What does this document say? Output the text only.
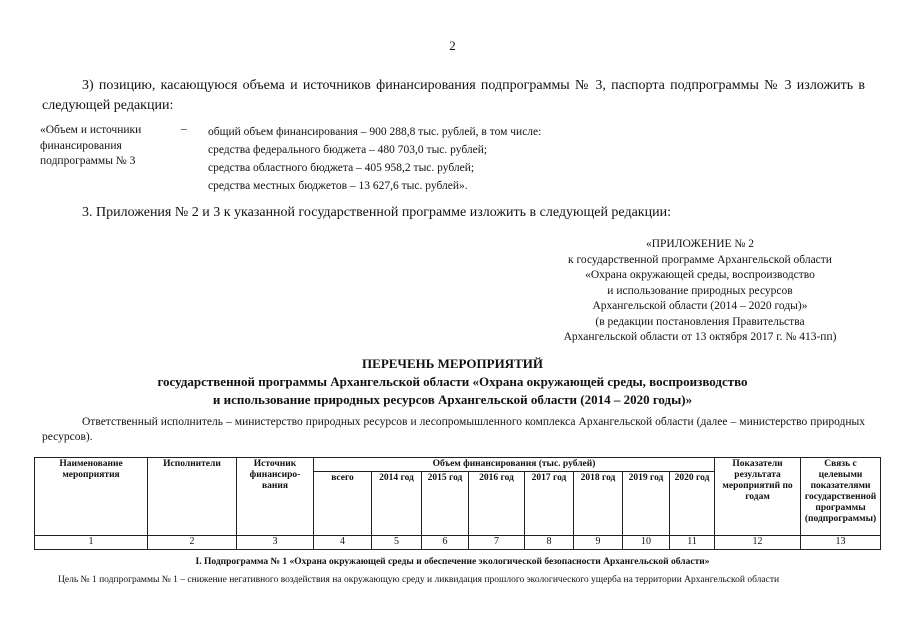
2
3) позицию, касающуюся объема и источников финансирования подпрограммы № 3, паспорта подпрограммы № 3 изложить в следующей редакции:
«Объем и источники
финансирования
подпрограммы № 3
– общий объем финансирования – 900 288,8 тыс. рублей, в том числе:
средства федерального бюджета – 480 703,0 тыс. рублей;
средства областного бюджета – 405 958,2 тыс. рублей;
средства местных бюджетов – 13 627,6 тыс. рублей».
3. Приложения № 2 и 3 к указанной государственной программе изложить в следующей редакции:
«ПРИЛОЖЕНИЕ № 2
к государственной программе Архангельской области
«Охрана окружающей среды, воспроизводство
и использование природных ресурсов
Архангельской области (2014 – 2020 годы)»
(в редакции постановления Правительства
Архангельской области от 13 октября 2017 г. № 413-пп)
ПЕРЕЧЕНЬ МЕРОПРИЯТИЙ
государственной программы Архангельской области «Охрана окружающей среды, воспроизводство
и использование природных ресурсов Архангельской области (2014 – 2020 годы)»
Ответственный исполнитель – министерство природных ресурсов и лесопромышленного комплекса Архангельской области (далее – министерство природных ресурсов).
Наименование мероприятия	Исполнители	Источник финансиро-вания	Объем финансирования (тыс. рублей)								Показатели результата мероприятий по годам	Связь с целевыми показателями государственной программы (подпрограммы)
			всего	2014 год	2015 год	2016 год	2017 год	2018 год	2019 год	2020 год		
1	2	3	4	5	6	7	8	9	10	11	12	13
I. Подпрограмма № 1 «Охрана окружающей среды и обеспечение экологической безопасности Архангельской области»
Цель № 1 подпрограммы № 1 – снижение негативного воздействия на окружающую среду и ликвидация прошлого экологического ущерба на территории Архангельской области
